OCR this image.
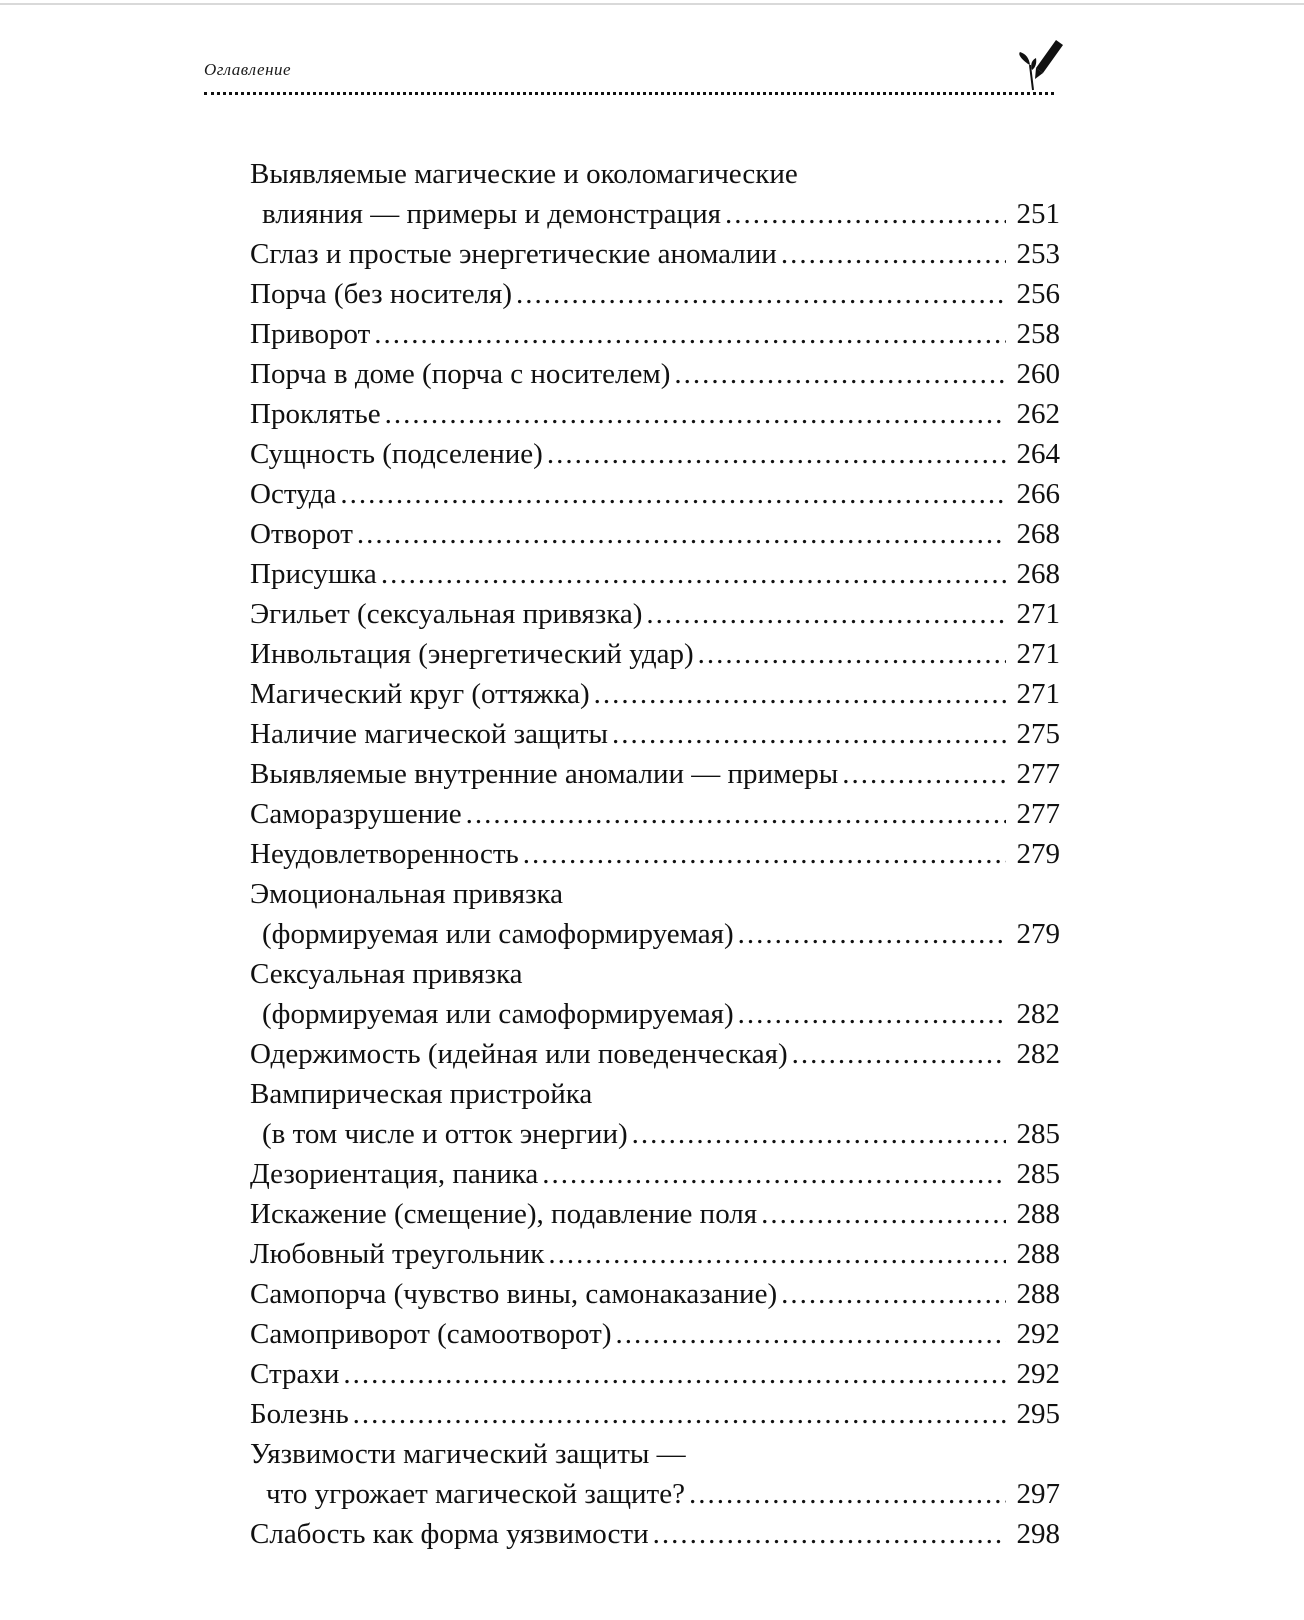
Оглавление
Выявляемые магические и околомагические
влияния — примеры и демонстрация .....	251
Сглаз и простые энергетические аномалии .....	253
Порча (без носителя) .....	256
Приворот .....	258
Порча в доме (порча с носителем) .....	260
Проклятье .....	262
Сущность (подселение) .....	264
Остуда .....	266
Отворот .....	268
Присушка .....	268
Эгильет (сексуальная привязка) .....	271
Инвольтация (энергетический удар) .....	271
Магический круг (оттяжка) .....	271
Наличие магической защиты .....	275
Выявляемые внутренние аномалии — примеры .....	277
Саморазрушение .....	277
Неудовлетворенность .....	279
Эмоциональная привязка
(формируемая или самоформируемая) .....	279
Сексуальная привязка
(формируемая или самоформируемая) .....	282
Одержимость (идейная или поведенческая) .....	282
Вампирическая пристройка
(в том числе и отток энергии) .....	285
Дезориентация, паника .....	285
Искажение (смещение), подавление поля .....	288
Любовный треугольник .....	288
Самопорча (чувство вины, самонаказание) .....	288
Самоприворот (самоотворот) .....	292
Страхи .....	292
Болезнь .....	295
Уязвимости магический защиты —
что угрожает магической защите? .....	297
Слабость как форма уязвимости .....	298
